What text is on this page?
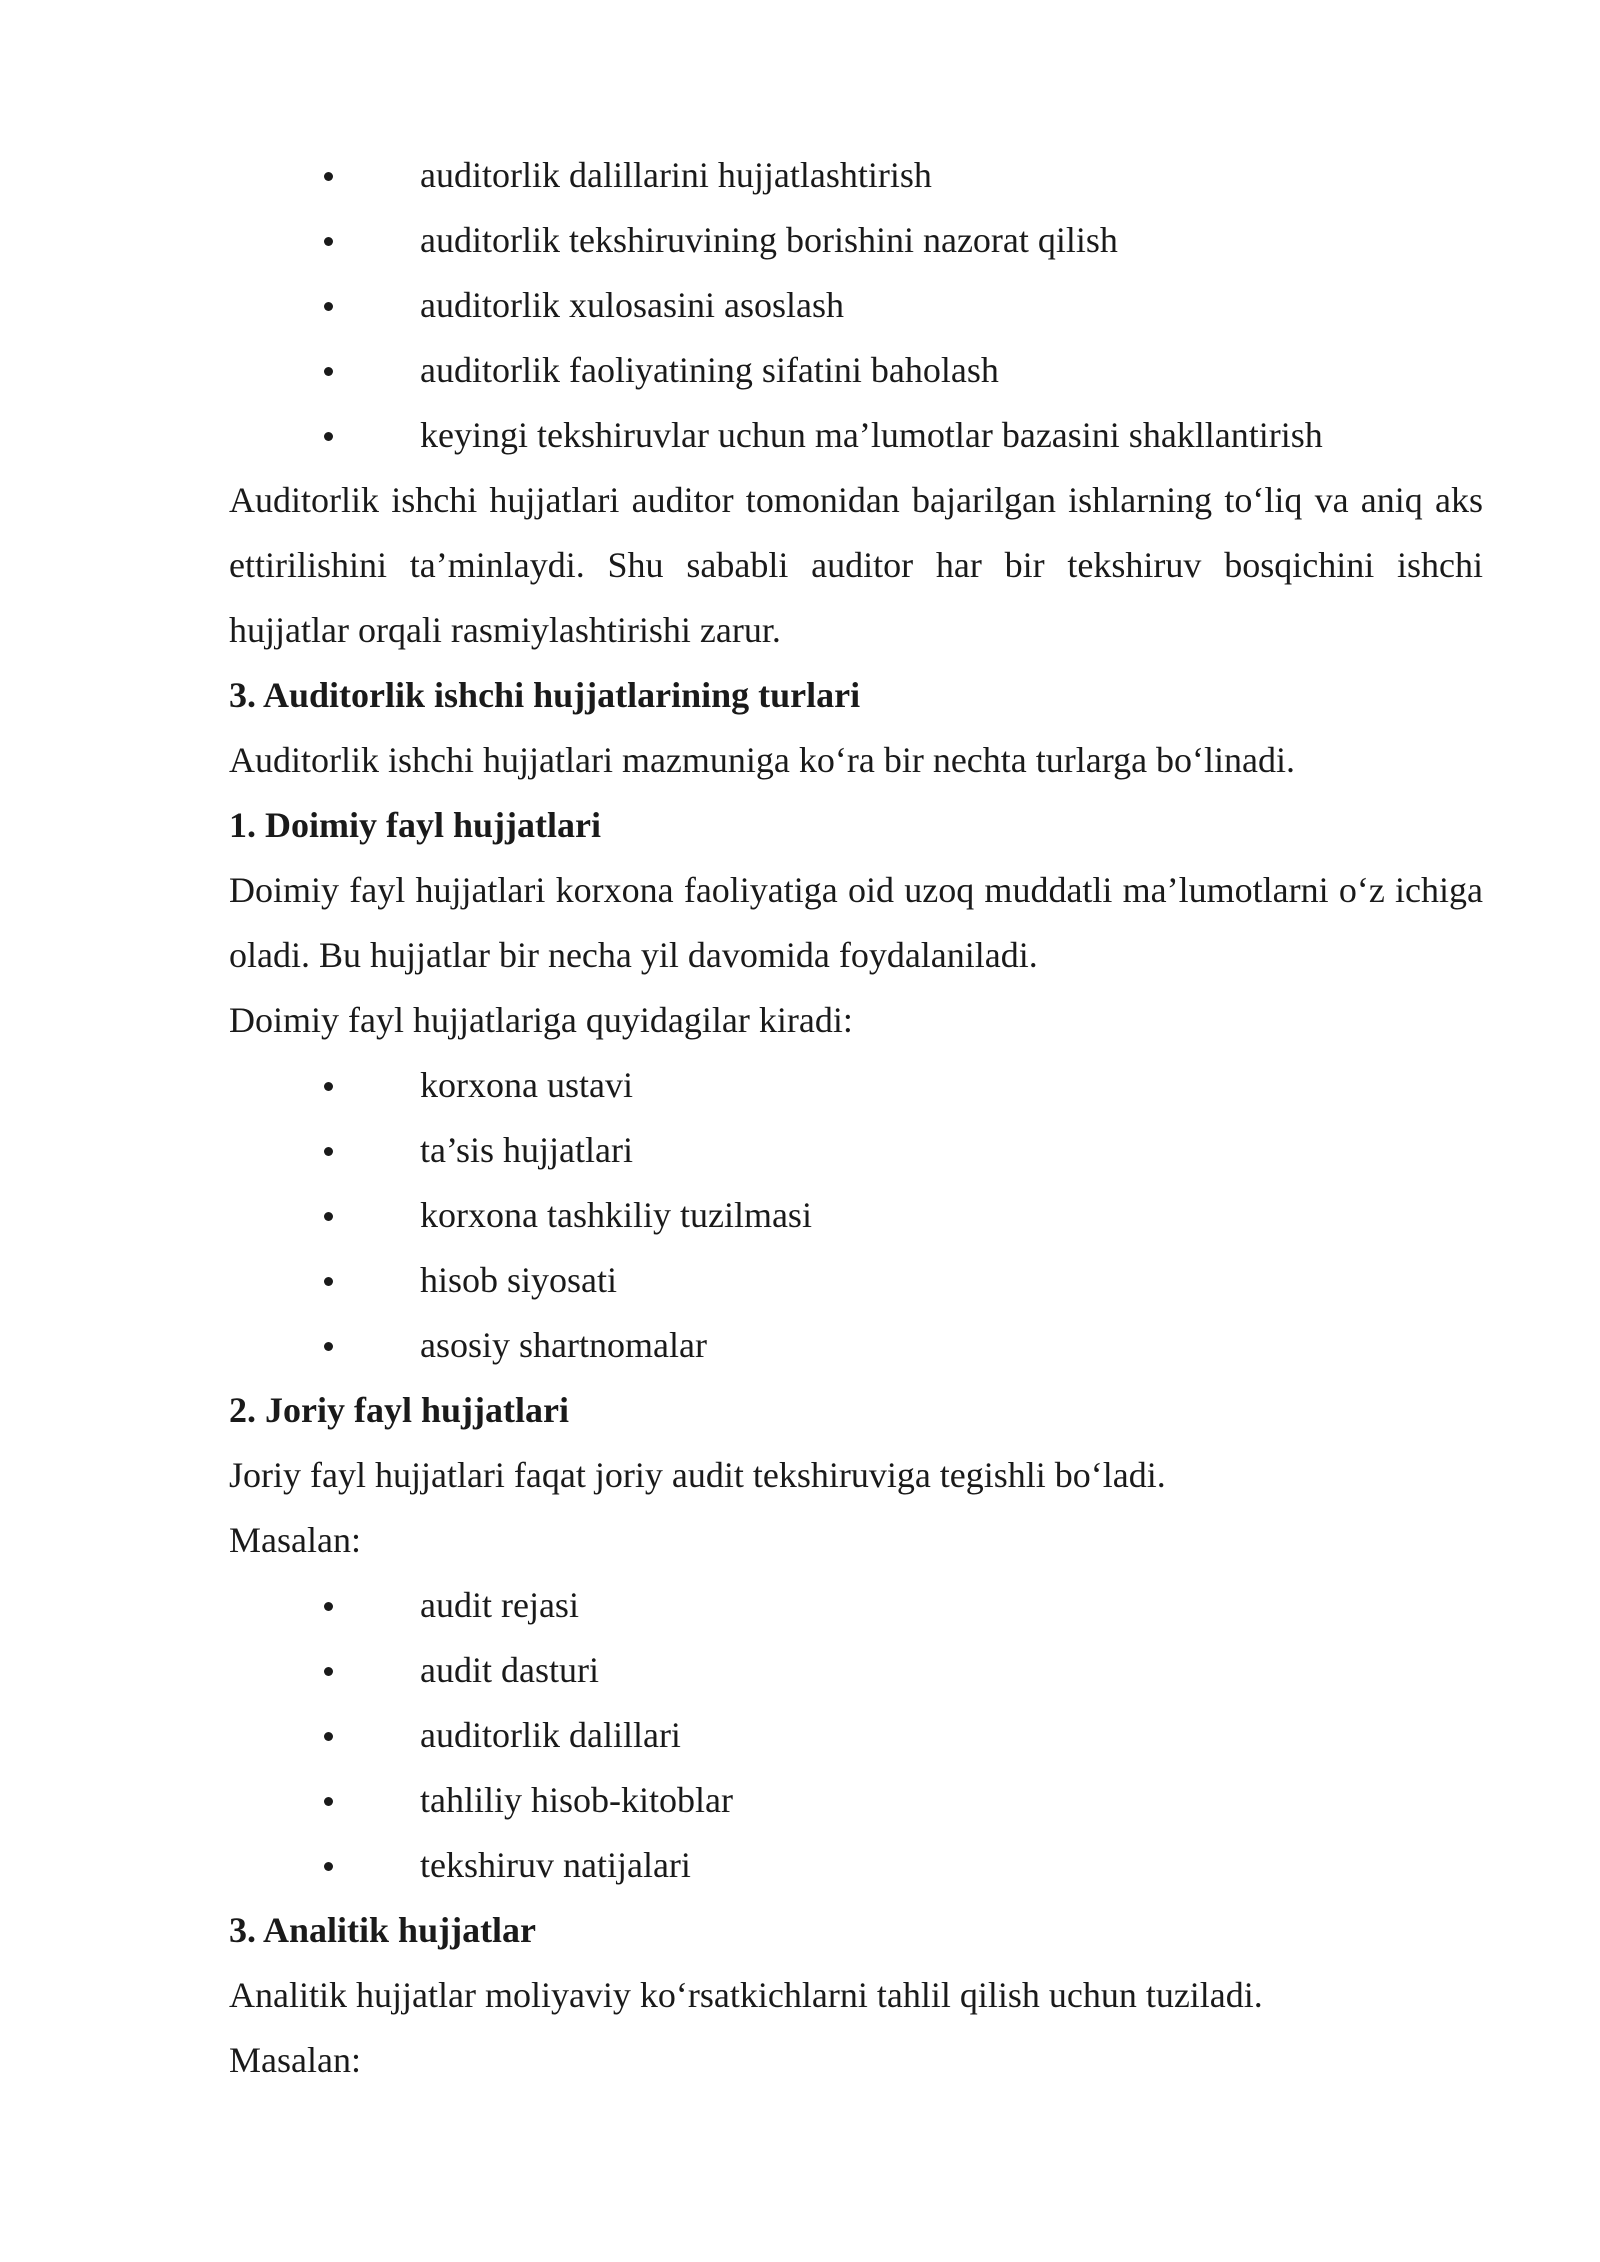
auditorlik dalillarini hujjatlashtirish
auditorlik tekshiruvining borishini nazorat qilish
auditorlik xulosasini asoslash
auditorlik faoliyatining sifatini baholash
keyingi tekshiruvlar uchun ma’lumotlar bazasini shakllantirish

Auditorlik ishchi hujjatlari auditor tomonidan bajarilgan ishlarning to‘liq va aniq aks ettirilishini ta’minlaydi. Shu sababli auditor har bir tekshiruv bosqichini ishchi hujjatlar orqali rasmiylashtirishi zarur.

3. Auditorlik ishchi hujjatlarining turlari

Auditorlik ishchi hujjatlari mazmuniga ko‘ra bir nechta turlarga bo‘linadi.

1. Doimiy fayl hujjatlari

Doimiy fayl hujjatlari korxona faoliyatiga oid uzoq muddatli ma’lumotlarni o‘z ichiga oladi. Bu hujjatlar bir necha yil davomida foydalaniladi.

Doimiy fayl hujjatlariga quyidagilar kiradi:

korxona ustavi
ta’sis hujjatlari
korxona tashkiliy tuzilmasi
hisob siyosati
asosiy shartnomalar
2. Joriy fayl hujjatlari

Joriy fayl hujjatlari faqat joriy audit tekshiruviga tegishli bo‘ladi.

Masalan:

audit rejasi
audit dasturi
auditorlik dalillari
tahliliy hisob-kitoblar
tekshiruv natijalari
3. Analitik hujjatlar

Analitik hujjatlar moliyaviy ko‘rsatkichlarni tahlil qilish uchun tuziladi.

Masalan:
